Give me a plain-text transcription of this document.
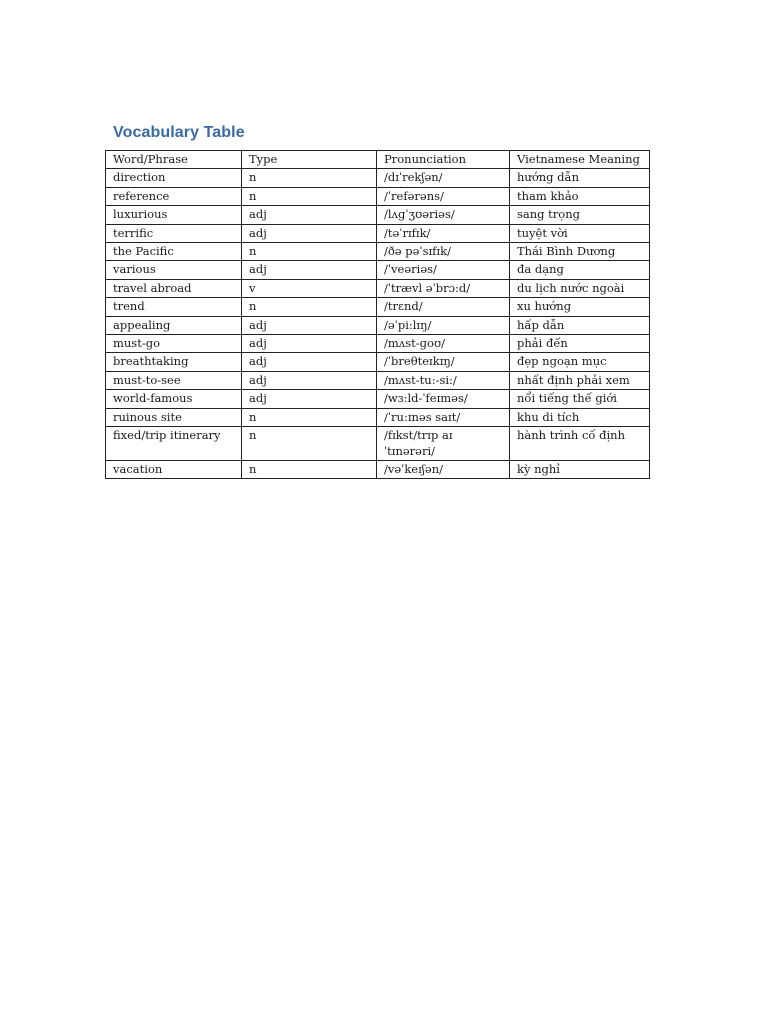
Vocabulary Table
Word/Phrase	Type	Pronunciation	Vietnamese Meaning
direction	n	/dɪˈrekʃən/	hướng dẫn
reference	n	/ˈrefərəns/	tham khảo
luxurious	adj	/lʌɡˈʒʊəriəs/	sang trọng
terrific	adj	/təˈrɪfɪk/	tuyệt vời
the Pacific	n	/ðə pəˈsɪfɪk/	Thái Bình Dương
various	adj	/ˈveəriəs/	đa dạng
travel abroad	v	/ˈtrævl əˈbrɔ:d/	du lịch nước ngoài
trend	n	/trɛnd/	xu hướng
appealing	adj	/əˈpi:lɪŋ/	hấp dẫn
must-go	adj	/mʌst-ɡoʊ/	phải đến
breathtaking	adj	/ˈbreθteɪkɪŋ/	đẹp ngoạn mục
must-to-see	adj	/mʌst-tu:-si:/	nhất định phải xem
world-famous	adj	/wɜ:ld-ˈfeɪməs/	nổi tiếng thế giới
ruinous site	n	/ˈru:ɪnəs saɪt/	khu di tích
fixed/trip itinerary	n	/fɪkst/trɪp aɪ ˈtɪnərəri/	hành trình cố định
vacation	n	/vəˈkeɪʃən/	kỳ nghỉ
